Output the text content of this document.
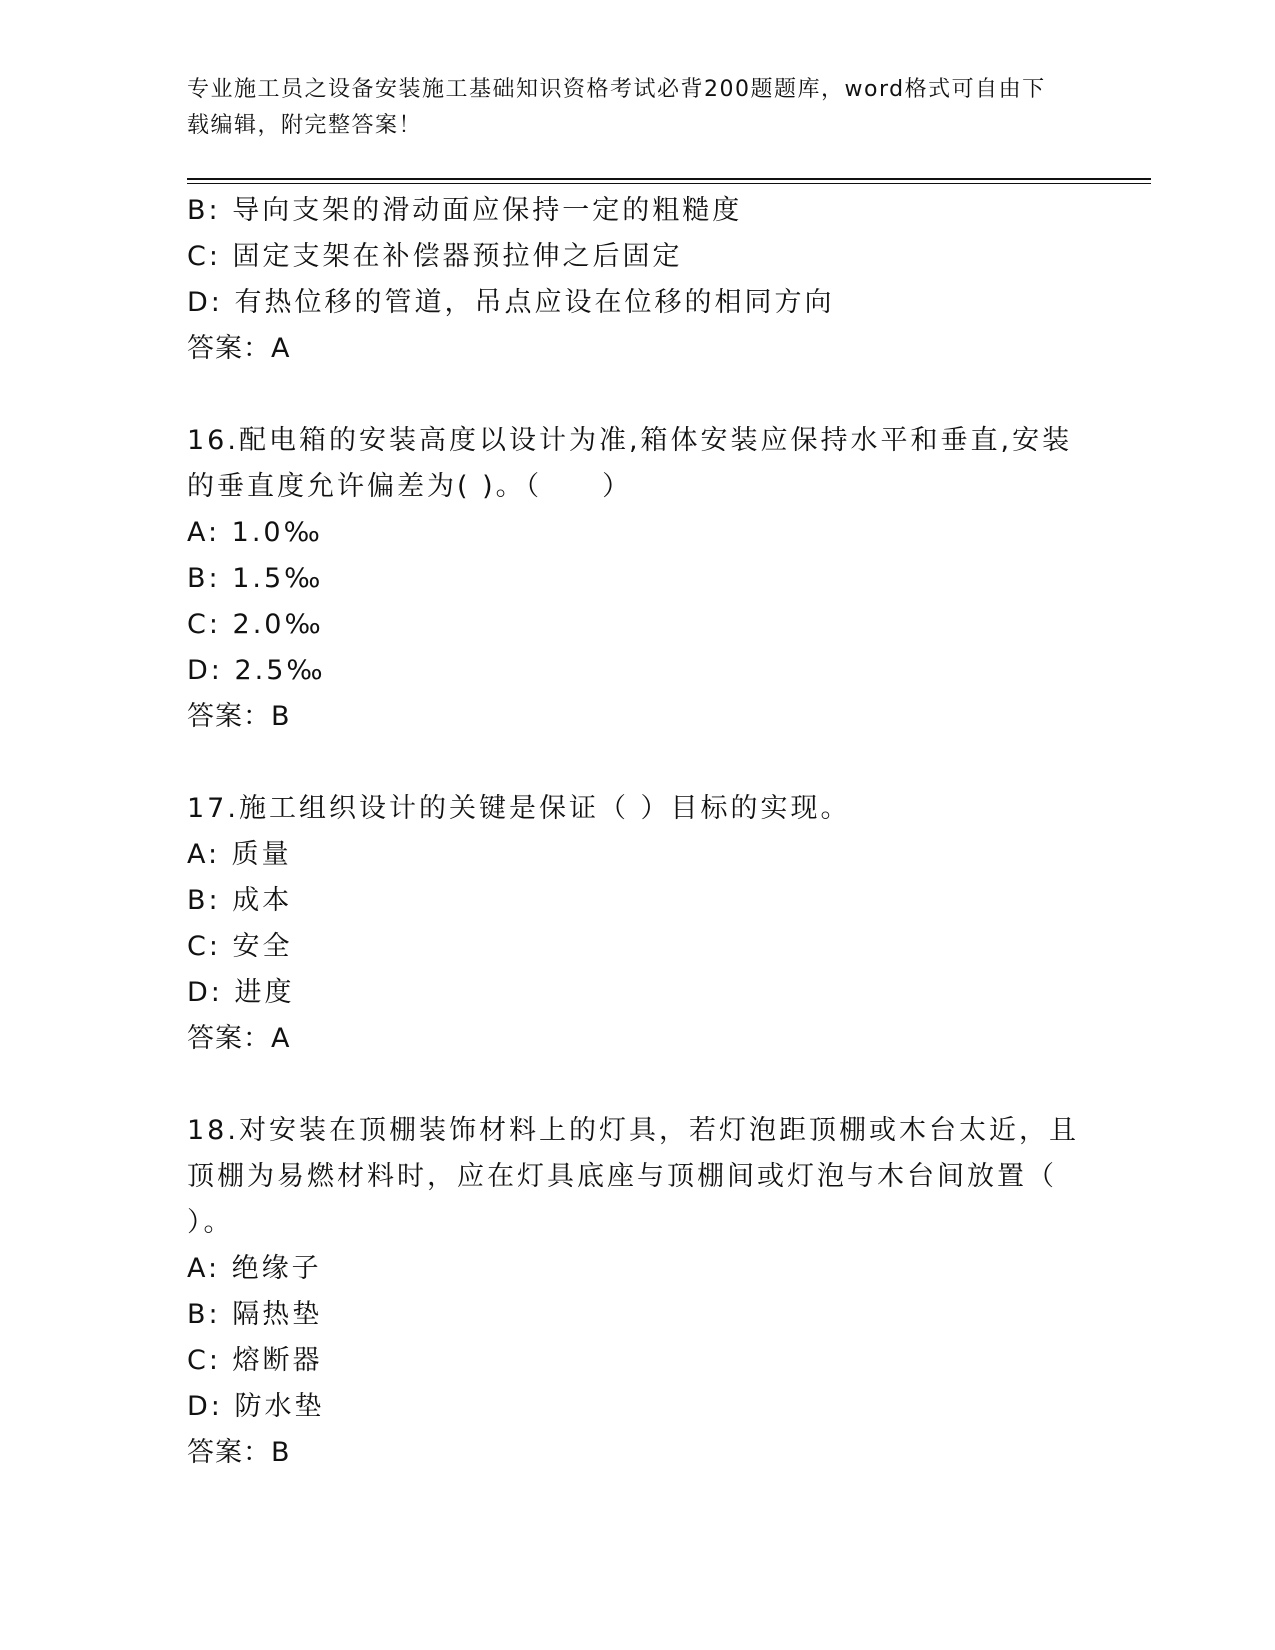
专业施工员之设备安装施工基础知识资格考试必背200题题库，word格式可自由下载编辑，附完整答案！
B: 导向支架的滑动面应保持一定的粗糙度
C: 固定支架在补偿器预拉伸之后固定
D: 有热位移的管道，吊点应设在位移的相同方向
答案：A
16.配电箱的安装高度以设计为准,箱体安装应保持水平和垂直,安装的垂直度允许偏差为( )。（　　）
A: 1.0‰
B: 1.5‰
C: 2.0‰
D: 2.5‰
答案：B
17.施工组织设计的关键是保证（ ）目标的实现。
A: 质量
B: 成本
C: 安全
D: 进度
答案：A
18.对安装在顶棚装饰材料上的灯具，若灯泡距顶棚或木台太近，且顶棚为易燃材料时，应在灯具底座与顶棚间或灯泡与木台间放置（ ）。
A: 绝缘子
B: 隔热垫
C: 熔断器
D: 防水垫
答案：B
